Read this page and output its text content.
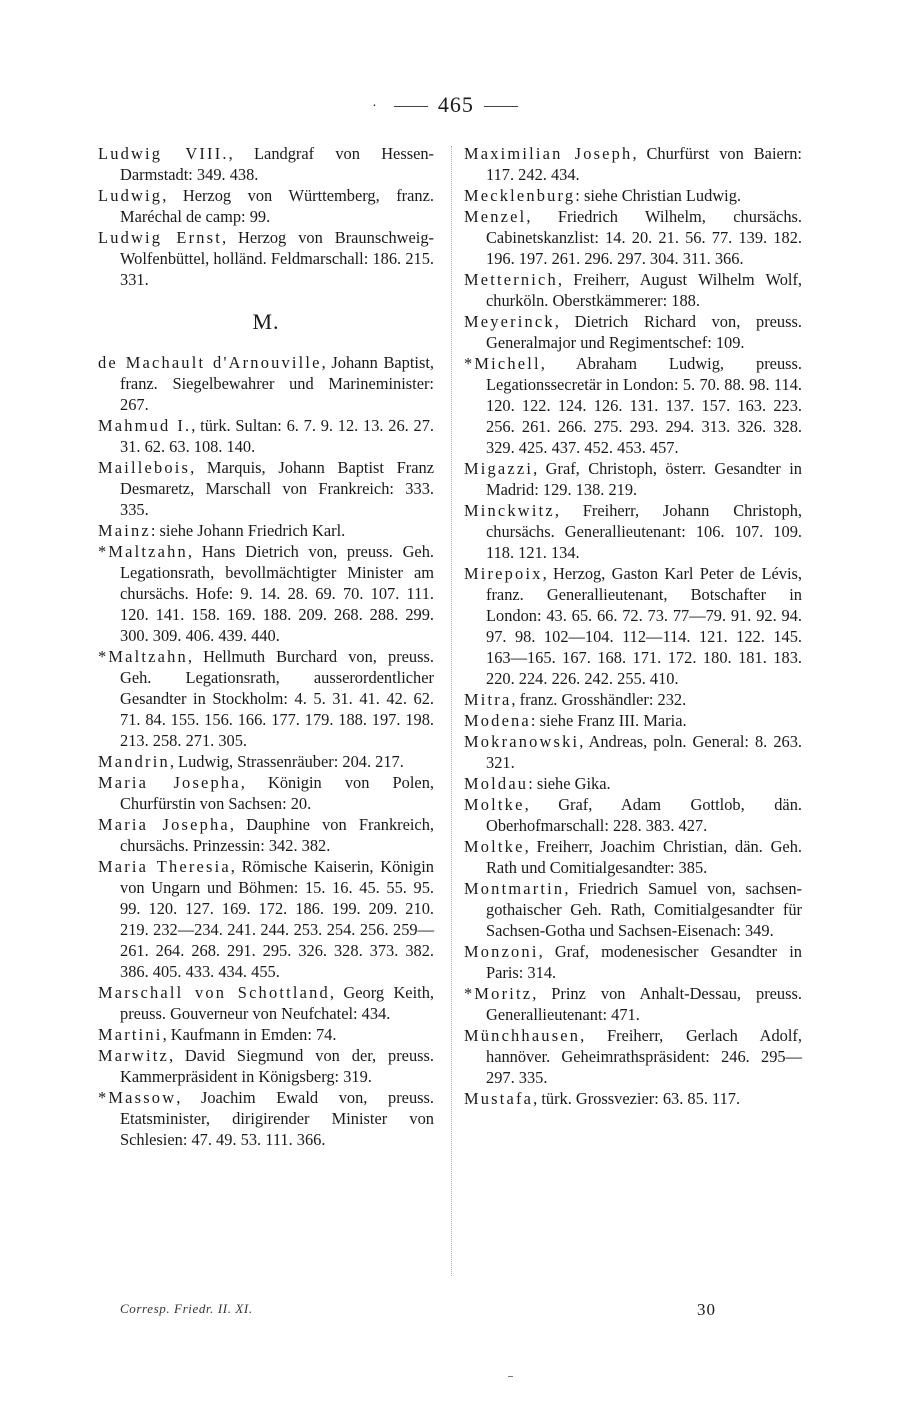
·	465

Ludwig VIII., Landgraf von Hessen-Darmstadt: 349. 438.

Ludwig, Herzog von Württemberg, franz. Maréchal de camp: 99.

Ludwig Ernst, Herzog von Braunschweig-Wolfenbüttel, holländ. Feldmarschall: 186. 215. 331.

M.

de Machault d'Arnouville, Johann Baptist, franz. Siegelbewahrer und Marineminister: 267.

Mahmud I., türk. Sultan: 6. 7. 9. 12. 13. 26. 27. 31. 62. 63. 108. 140.

Maillebois, Marquis, Johann Baptist Franz Desmaretz, Marschall von Frankreich: 333. 335.

Mainz: siehe Johann Friedrich Karl.

*Maltzahn, Hans Dietrich von, preuss. Geh. Legationsrath, bevollmächtigter Minister am chursächs. Hofe: 9. 14. 28. 69. 70. 107. 111. 120. 141. 158. 169. 188. 209. 268. 288. 299. 300. 309. 406. 439. 440.

*Maltzahn, Hellmuth Burchard von, preuss. Geh. Legationsrath, ausserordentlicher Gesandter in Stockholm: 4. 5. 31. 41. 42. 62. 71. 84. 155. 156. 166. 177. 179. 188. 197. 198. 213. 258. 271. 305.

Mandrin, Ludwig, Strassenräuber: 204. 217.

Maria Josepha, Königin von Polen, Churfürstin von Sachsen: 20.

Maria Josepha, Dauphine von Frankreich, chursächs. Prinzessin: 342. 382.

Maria Theresia, Römische Kaiserin, Königin von Ungarn und Böhmen: 15. 16. 45. 55. 95. 99. 120. 127. 169. 172. 186. 199. 209. 210. 219. 232—234. 241. 244. 253. 254. 256. 259—261. 264. 268. 291. 295. 326. 328. 373. 382. 386. 405. 433. 434. 455.

Marschall von Schottland, Georg Keith, preuss. Gouverneur von Neufchatel: 434.

Martini, Kaufmann in Emden: 74.

Marwitz, David Siegmund von der, preuss. Kammerpräsident in Königsberg: 319.

*Massow, Joachim Ewald von, preuss. Etatsminister, dirigirender Minister von Schlesien: 47. 49. 53. 111. 366.

Maximilian Joseph, Churfürst von Baiern: 117. 242. 434.

Mecklenburg: siehe Christian Ludwig.

Menzel, Friedrich Wilhelm, chursächs. Cabinetskanzlist: 14. 20. 21. 56. 77. 139. 182. 196. 197. 261. 296. 297. 304. 311. 366.

Metternich, Freiherr, August Wilhelm Wolf, churköln. Oberstkämmerer: 188.

Meyerinck, Dietrich Richard von, preuss. Generalmajor und Regimentschef: 109.

*Michell, Abraham Ludwig, preuss. Legationssecretär in London: 5. 70. 88. 98. 114. 120. 122. 124. 126. 131. 137. 157. 163. 223. 256. 261. 266. 275. 293. 294. 313. 326. 328. 329. 425. 437. 452. 453. 457.

Migazzi, Graf, Christoph, österr. Gesandter in Madrid: 129. 138. 219.

Minckwitz, Freiherr, Johann Christoph, chursächs. Generallieutenant: 106. 107. 109. 118. 121. 134.

Mirepoix, Herzog, Gaston Karl Peter de Lévis, franz. Generallieutenant, Botschafter in London: 43. 65. 66. 72. 73. 77—79. 91. 92. 94. 97. 98. 102—104. 112—114. 121. 122. 145. 163—165. 167. 168. 171. 172. 180. 181. 183. 220. 224. 226. 242. 255. 410.

Mitra, franz. Grosshändler: 232.

Modena: siehe Franz III. Maria.

Mokranowski, Andreas, poln. General: 8. 263. 321.

Moldau: siehe Gika.

Moltke, Graf, Adam Gottlob, dän. Oberhofmarschall: 228. 383. 427.

Moltke, Freiherr, Joachim Christian, dän. Geh. Rath und Comitialgesandter: 385.

Montmartin, Friedrich Samuel von, sachsen-gothaischer Geh. Rath, Comitialgesandter für Sachsen-Gotha und Sachsen-Eisenach: 349.

Monzoni, Graf, modenesischer Gesandter in Paris: 314.

*Moritz, Prinz von Anhalt-Dessau, preuss. Generallieutenant: 471.

Münchhausen, Freiherr, Gerlach Adolf, hannöver. Geheimrathspräsident: 246. 295—297. 335.

Mustafa, türk. Grossvezier: 63. 85. 117.

Corresp. Friedr. II. XI.	30
